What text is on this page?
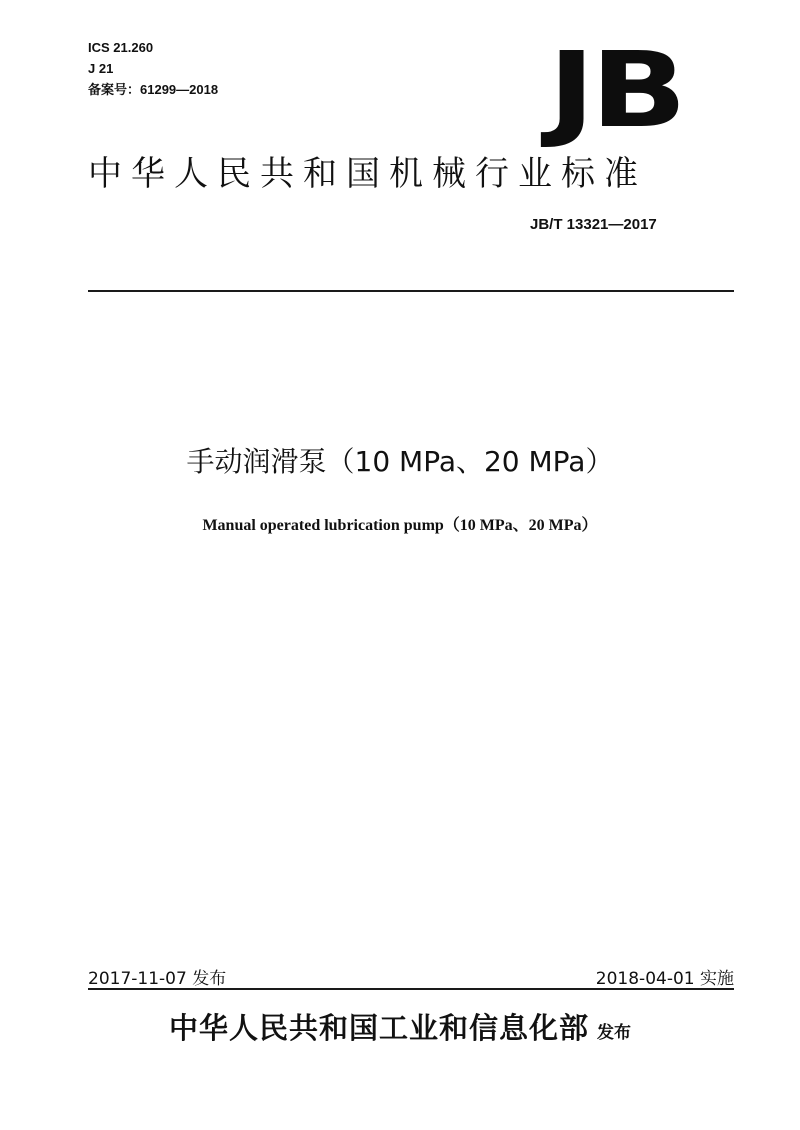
ICS 21.260
J 21
备案号：61299—2018	JB
中华人民共和国机械行业标准
JB/T 13321—2017
手动润滑泵（10 MPa、20 MPa）
Manual operated lubrication pump（10 MPa、20 MPa）
2017-11-07 发布	2018-04-01 实施
中华人民共和国工业和信息化部 发布
